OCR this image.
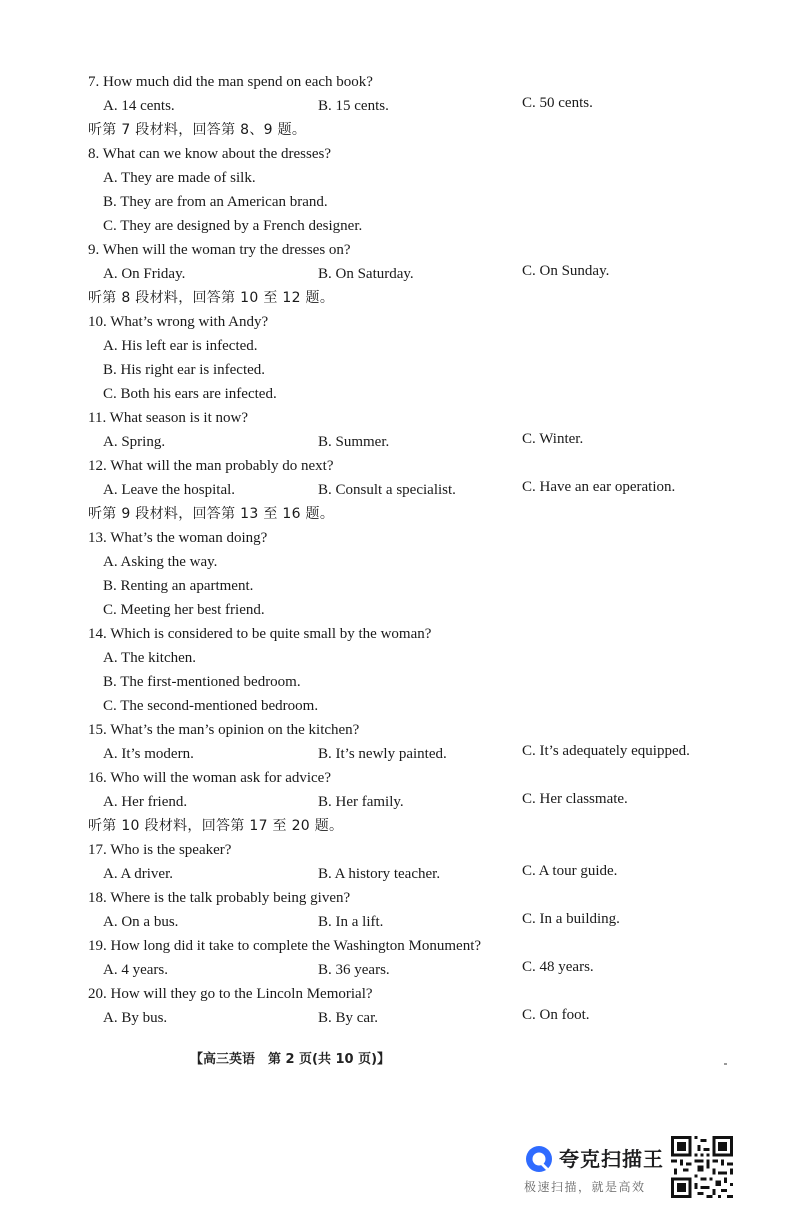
7. How much did the man spend on each book?
A. 14 cents.	B. 15 cents.	C. 50 cents.
听第 7 段材料，回答第 8、9 题。
8. What can we know about the dresses?
A. They are made of silk.
B. They are from an American brand.
C. They are designed by a French designer.
9. When will the woman try the dresses on?
A. On Friday.	B. On Saturday.	C. On Sunday.
听第 8 段材料，回答第 10 至 12 题。
10. What’s wrong with Andy?
A. His left ear is infected.
B. His right ear is infected.
C. Both his ears are infected.
11. What season is it now?
A. Spring.	B. Summer.	C. Winter.
12. What will the man probably do next?
A. Leave the hospital.	B. Consult a specialist.	C. Have an ear operation.
听第 9 段材料，回答第 13 至 16 题。
13. What’s the woman doing?
A. Asking the way.
B. Renting an apartment.
C. Meeting her best friend.
14. Which is considered to be quite small by the woman?
A. The kitchen.
B. The first-mentioned bedroom.
C. The second-mentioned bedroom.
15. What’s the man’s opinion on the kitchen?
A. It’s modern.	B. It’s newly painted.	C. It’s adequately equipped.
16. Who will the woman ask for advice?
A. Her friend.	B. Her family.	C. Her classmate.
听第 10 段材料，回答第 17 至 20 题。
17. Who is the speaker?
A. A driver.	B. A history teacher.	C. A tour guide.
18. Where is the talk probably being given?
A. On a bus.	B. In a lift.	C. In a building.
19. How long did it take to complete the Washington Monument?
A. 4 years.	B. 36 years.	C. 48 years.
20. How will they go to the Lincoln Memorial?
A. By bus.	B. By car.	C. On foot.
【高三英语　第 2 页(共 10 页)】
夸克扫描王
极速扫描，就是高效
